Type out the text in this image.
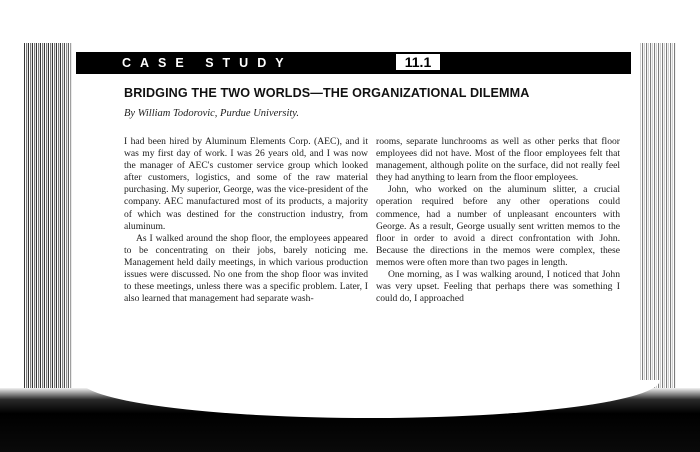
CASE STUDY	11.1
BRIDGING THE TWO WORLDS—THE ORGANIZATIONAL DILEMMA
By William Todorovic, Purdue University.

I had been hired by Aluminum Elements Corp. (AEC), and it was my first day of work. I was 26 years old, and I was now the manager of AEC's customer service group which looked after customers, logistics, and some of the raw material purchasing. My superior, George, was the vice-president of the company. AEC manufactured most of its products, a majority of which was destined for the construction industry, from aluminum.

As I walked around the shop floor, the employees appeared to be concentrating on their jobs, barely noticing me. Management held daily meetings, in which various production issues were discussed. No one from the shop floor was invited to these meetings, unless there was a specific problem. Later, I also learned that management had separate wash-

rooms, separate lunchrooms as well as other perks that floor employees did not have. Most of the floor employees felt that management, although polite on the surface, did not really feel they had anything to learn from the floor employees.

John, who worked on the aluminum slitter, a crucial operation required before any other operations could commence, had a number of unpleasant encounters with George. As a result, George usually sent written memos to the floor in order to avoid a direct confrontation with John. Because the directions in the memos were complex, these memos were often more than two pages in length.

One morning, as I was walking around, I noticed that John was very upset. Feeling that perhaps there was something I could do, I approached
